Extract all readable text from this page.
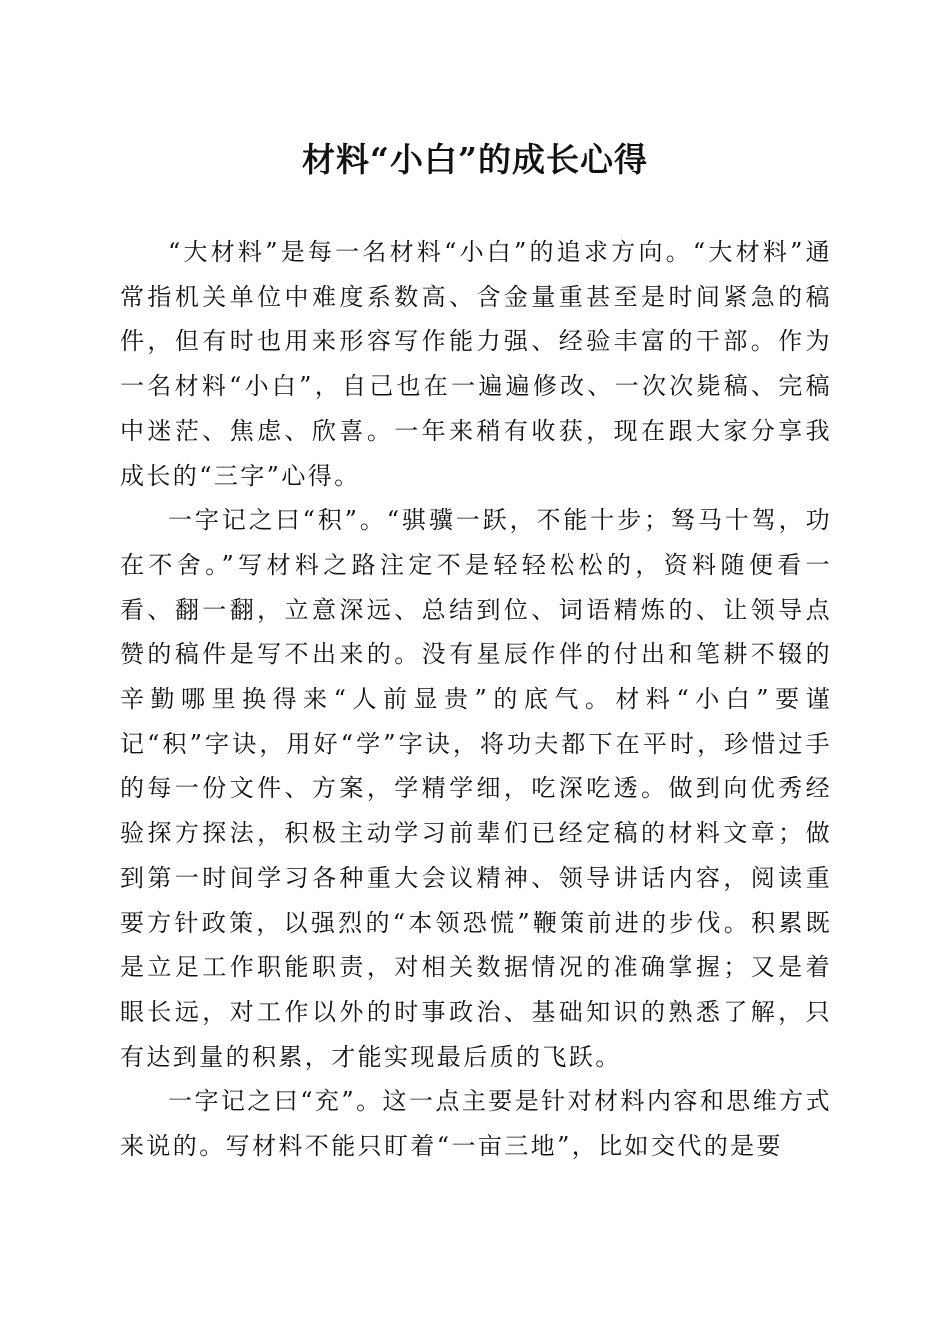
材料“小白”的成长心得

“大材料”是每一名材料“小白”的追求方向。“大材料”通常指机关单位中难度系数高、含金量重甚至是时间紧急的稿件，但有时也用来形容写作能力强、经验丰富的干部。作为一名材料“小白”，自己也在一遍遍修改、一次次毙稿、完稿中迷茫、焦虑、欣喜。一年来稍有收获，现在跟大家分享我成长的“三字”心得。

一字记之曰“积”。“骐骥一跃，不能十步；驽马十驾，功在不舍。”写材料之路注定不是轻轻松松的，资料随便看一看、翻一翻，立意深远、总结到位、词语精炼的、让领导点赞的稿件是写不出来的。没有星辰作伴的付出和笔耕不辍的辛勤哪里换得来“人前显贵”的底气。材料“小白”要谨记“积”字诀，用好“学”字诀，将功夫都下在平时，珍惜过手的每一份文件、方案，学精学细，吃深吃透。做到向优秀经验探方探法，积极主动学习前辈们已经定稿的材料文章；做到第一时间学习各种重大会议精神、领导讲话内容，阅读重要方针政策，以强烈的“本领恐慌”鞭策前进的步伐。积累既是立足工作职能职责，对相关数据情况的准确掌握；又是着眼长远，对工作以外的时事政治、基础知识的熟悉了解，只有达到量的积累，才能实现最后质的飞跃。

一字记之曰“充”。这一点主要是针对材料内容和思维方式来说的。写材料不能只盯着“一亩三地”，比如交代的是要
